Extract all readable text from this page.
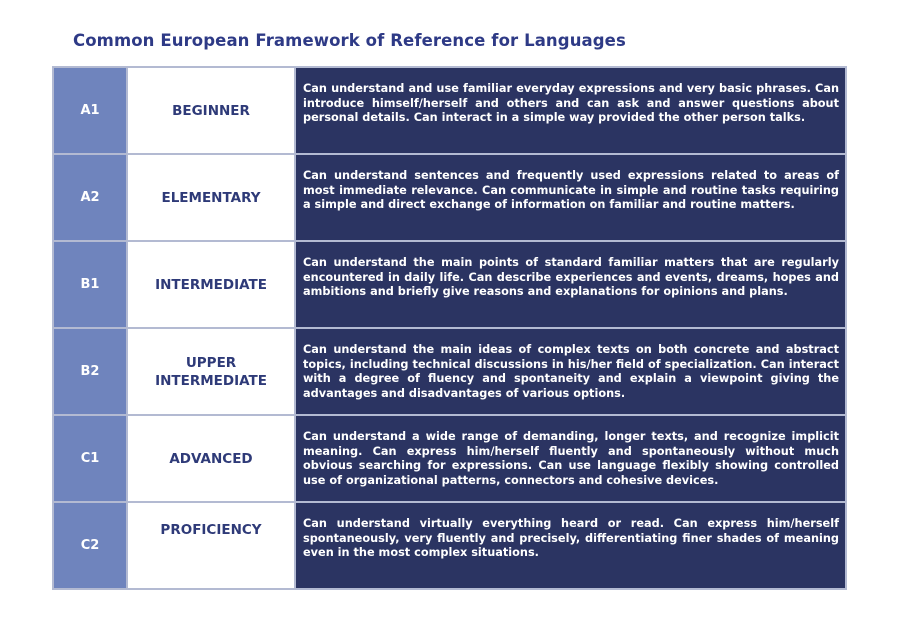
Common European Framework of Reference for Languages
A1	BEGINNER	Can understand and use familiar everyday expressions and very basic phrases. Can introduce himself/herself and others and can ask and answer questions about personal details. Can interact in a simple way provided the other person talks.

A2	ELEMENTARY	Can understand sentences and frequently used expressions related to areas of most immediate relevance. Can communicate in simple and routine tasks requiring a simple and direct exchange of information on familiar and routine matters.

B1	INTERMEDIATE	Can understand the main points of standard familiar matters that are regularly encountered in daily life. Can describe experiences and events, dreams, hopes and ambitions and briefly give reasons and explanations for opinions and plans.

B2	UPPER INTERMEDIATE	Can understand the main ideas of complex texts on both concrete and abstract topics, including technical discussions in his/her field of specialization. Can interact with a degree of fluency and spontaneity and explain a viewpoint giving the advantages and disadvantages of various options.

C1	ADVANCED	Can understand a wide range of demanding, longer texts, and recognize implicit meaning. Can express him/herself fluently and spontaneously without much obvious searching for expressions. Can use language flexibly showing controlled use of organizational patterns, connectors and cohesive devices.

C2	PROFICIENCY	Can understand virtually everything heard or read. Can express him/herself spontaneously, very fluently and precisely, differentiating finer shades of meaning even in the most complex situations.
